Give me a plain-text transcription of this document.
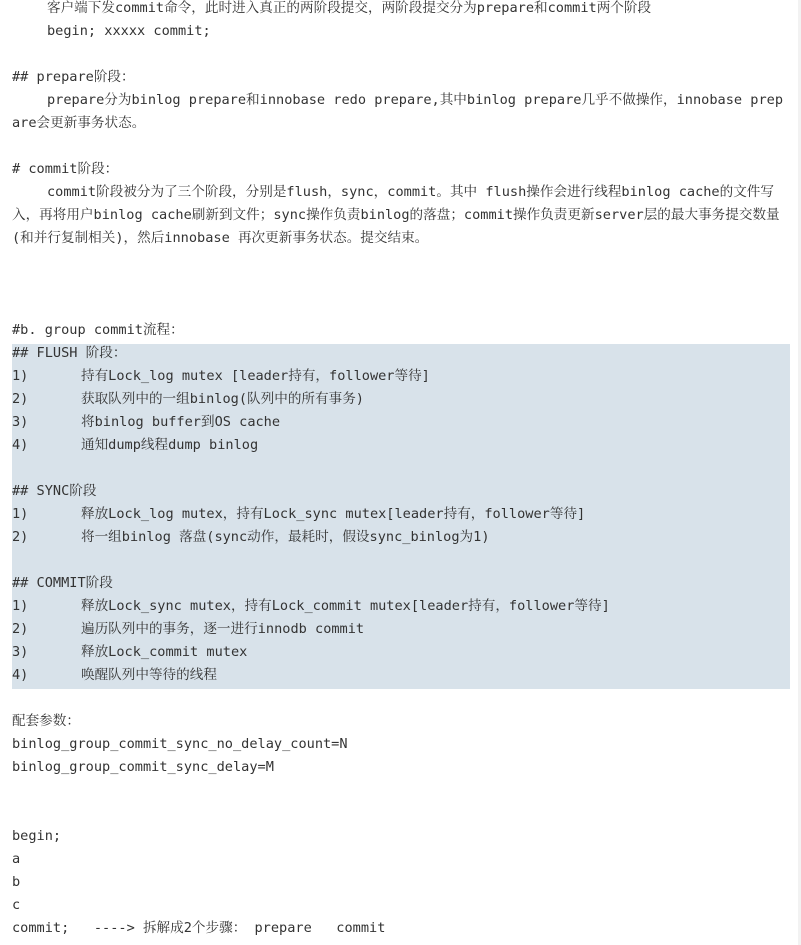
客户端下发commit命令，此时进入真正的两阶段提交，两阶段提交分为prepare和commit两个阶段
begin; xxxxx commit;
## prepare阶段：
prepare分为binlog prepare和innobase redo prepare,其中binlog prepare几乎不做操作，innobase prepare会更新事务状态。
# commit阶段：
commit阶段被分为了三个阶段，分别是flush，sync，commit。其中 flush操作会进行线程binlog cache的文件写入，再将用户binlog cache刷新到文件；sync操作负责binlog的落盘；commit操作负责更新server层的最大事务提交数量(和并行复制相关)，然后innobase 再次更新事务状态。提交结束。
#b. group commit流程：
## FLUSH 阶段：
1)	持有Lock_log mutex [leader持有，follower等待]
2)	获取队列中的一组binlog(队列中的所有事务)
3)	将binlog buffer到OS cache
4)	通知dump线程dump binlog
## SYNC阶段
1)	释放Lock_log mutex，持有Lock_sync mutex[leader持有，follower等待]
2)	将一组binlog 落盘(sync动作，最耗时，假设sync_binlog为1)
## COMMIT阶段
1)	释放Lock_sync mutex，持有Lock_commit mutex[leader持有，follower等待]
2)	遍历队列中的事务，逐一进行innodb commit
3)	释放Lock_commit mutex
4)	唤醒队列中等待的线程
配套参数：
binlog_group_commit_sync_no_delay_count=N
binlog_group_commit_sync_delay=M
begin;
a
b
c
commit;   ----> 拆解成2个步骤： prepare   commit
